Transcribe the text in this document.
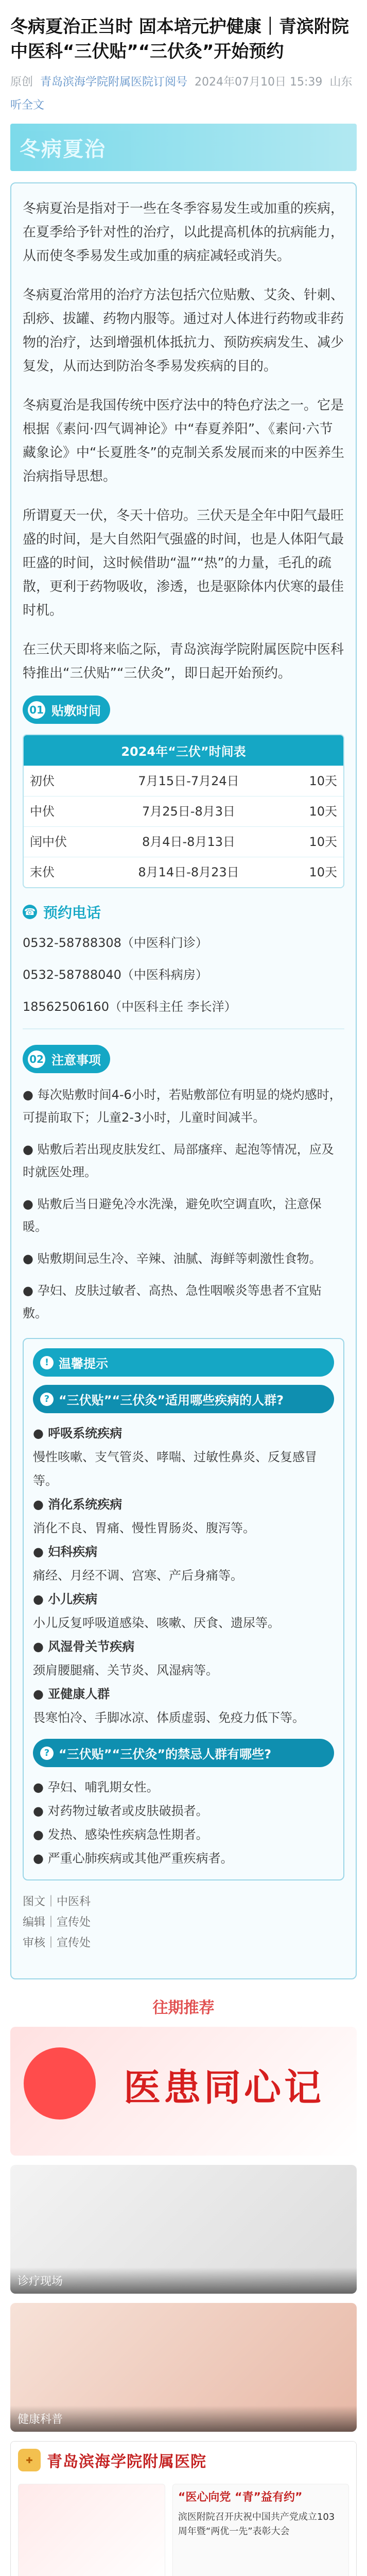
冬病夏治正当时 固本培元护健康｜青滨附院中医科“三伏贴”“三伏灸”开始预约
原创 青岛滨海学院附属医院订阅号 2024年07月10日 15:39 山东
听全文
冬病夏治

冬病夏治是指对于一些在冬季容易发生或加重的疾病，在夏季给予针对性的治疗，以此提高机体的抗病能力，从而使冬季易发生或加重的病症减轻或消失。

冬病夏治常用的治疗方法包括穴位贴敷、艾灸、针刺、刮痧、拔罐、药物内服等。通过对人体进行药物或非药物的治疗，达到增强机体抵抗力、预防疾病发生、减少复发，从而达到防治冬季易发疾病的目的。

冬病夏治是我国传统中医疗法中的特色疗法之一。它是根据《素问·四气调神论》中“春夏养阳”、《素问·六节藏象论》中“长夏胜冬”的克制关系发展而来的中医养生治病指导思想。

所谓夏天一伏，冬天十倍功。三伏天是全年中阳气最旺盛的时间，是大自然阳气强盛的时间，也是人体阳气最旺盛的时间，这时候借助“温”“热”的力量，毛孔的疏散，更利于药物吸收，渗透，也是驱除体内伏寒的最佳时机。

在三伏天即将来临之际，青岛滨海学院附属医院中医科特推出“三伏贴”“三伏灸”，即日起开始预约。

01 贴敷时间
2024年“三伏”时间表
初伏	7月15日-7月24日	10天
中伏	7月25日-8月3日	10天
闰中伏	8月4日-8月13日	10天
末伏	8月14日-8月23日	10天
☎ 预约电话
0532-58788308（中医科门诊）
0532-58788040（中医科病房）
18562506160（中医科主任 李长洋）
02 注意事项
● 每次贴敷时间4-6小时，若贴敷部位有明显的烧灼感时，可提前取下；儿童2-3小时，儿童时间减半。
● 贴敷后若出现皮肤发红、局部瘙痒、起泡等情况，应及时就医处理。
● 贴敷后当日避免冷水洗澡，避免吹空调直吹，注意保暖。
● 贴敷期间忌生冷、辛辣、油腻、海鲜等刺激性食物。
● 孕妇、皮肤过敏者、高热、急性咽喉炎等患者不宜贴敷。
! 温馨提示
? “三伏贴”“三伏灸”适用哪些疾病的人群?
● 呼吸系统疾病
慢性咳嗽、支气管炎、哮喘、过敏性鼻炎、反复感冒等。
● 消化系统疾病
消化不良、胃痛、慢性胃肠炎、腹泻等。
● 妇科疾病
痛经、月经不调、宫寒、产后身痛等。
● 小儿疾病
小儿反复呼吸道感染、咳嗽、厌食、遗尿等。
● 风湿骨关节疾病
颈肩腰腿痛、关节炎、风湿病等。
● 亚健康人群
畏寒怕冷、手脚冰凉、体质虚弱、免疫力低下等。
? “三伏贴”“三伏灸”的禁忌人群有哪些?
● 孕妇、哺乳期女性。
● 对药物过敏者或皮肤破损者。
● 发热、感染性疾病急性期者。
● 严重心肺疾病或其他严重疾病者。
图文｜中医科
编辑｜宣传处
审核｜宣传处
往期推荐
医患同心记
诊疗现场
健康科普
✚ 青岛滨海学院附属医院
“医心向党 “青”益有约”
滨医附院召开庆祝中国共产党成立103周年暨“两优一先”表彰大会
